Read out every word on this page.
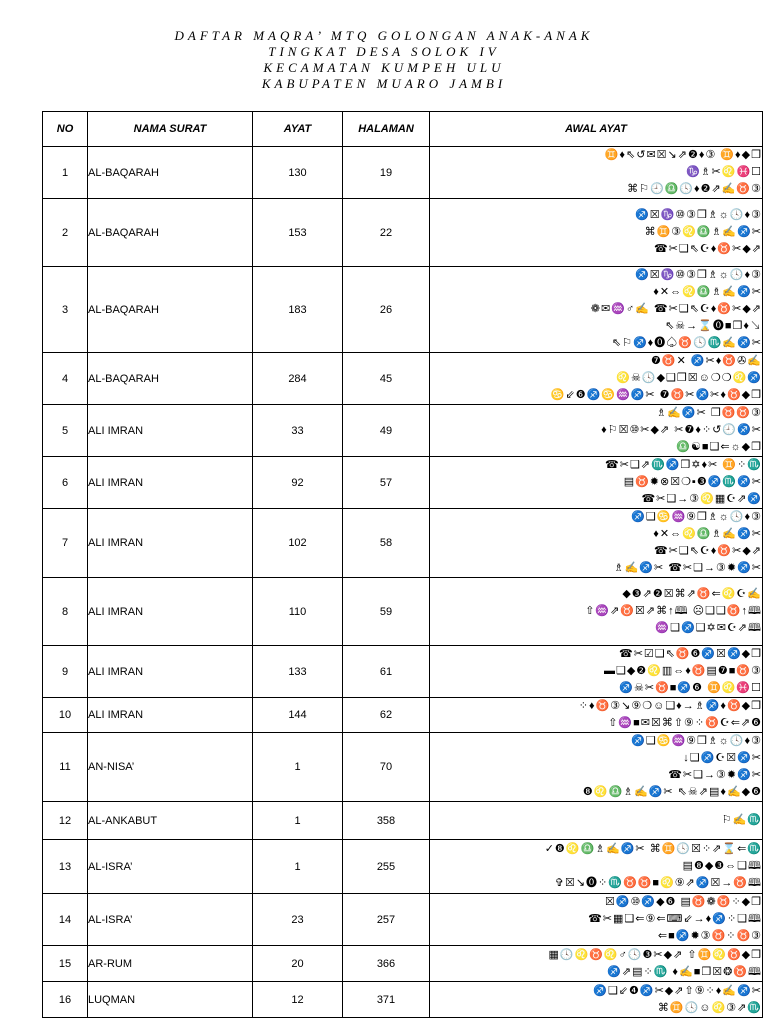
DAFTAR MAQRA’ MTQ GOLONGAN ANAK-ANAK
TINGKAT DESA SOLOK IV
KECAMATAN KUMPEH ULU
KABUPATEN MUARO JAMBI
NO	NAMA SURAT	AYAT	HALAMAN	AWAL AYAT
1	AL-BAQARAH	130	19	♊♦⇖↺✉☒↘⇗❷♦③ ♊♦◆❒
♑♗✂♌♓☐
⌘⚐🕘♎🕓♦❷⇗✍♉③

2	AL-BAQARAH	153	22	♐☒♑⑩③❒♗☼🕓♦③
⌘♊③♌♎♗✍♐✂
☎✂❑⇖☪♦♉✂◆⇗

3	AL-BAQARAH	183	26	♐☒♑⑩③❒♗☼🕓♦③
♦✕⇔♌♎♗✍♐✂
❁✉♒♂✍ ☎✂❑⇖☪♦♉✂◆⇗
⇖☠→⌛⓿■❒♦↘
⇖⚐♐♦⓿♤♉🕓♏✍♐✂

4	AL-BAQARAH	284	45	❼♉✕ ♐✂♦♉✇✍
♌☠🕓◆❑❒☒☺❍❍♌♐
♋⇙❻♐♋♒♐✂ ❼♉✂♐✂♦♉◆❒

5	ALI IMRAN	33	49	♗✍♐✂ ❒♉♉③
♦⚐☒⑩✂◆⇗ ✂❼♦⁘↺🕘♐✂
♎☯■❑⇐☼◆❒

6	ALI IMRAN	92	57	☎✂❑⇗♏♐❒✡♦✂ ♊⁘♏
▤♉✹⊗☒❍▪❸♐♏♐✂
☎✂❑→③♌▦☪⇗♐

7	ALI IMRAN	102	58	♐❑♋♒⑨❒♗☼🕓♦③
♦✕⇔♌♎♗✍♐✂
☎✂❑⇖☪♦♉✂◆⇗
♗✍♐✂ ☎✂❑→③✹♐✂

8	ALI IMRAN	110	59	◆❸⇗❷☒⌘⇗♉⇐♌☪✍
⇧♒⇗♉☒⇗⌘↑🕮 ☹❑❑♉↑🕮
♒❑♐❑✡✉☪⇗🕮

9	ALI IMRAN	133	61	☎✂☑❑⇖♉❻♐☒♐◆❒
▬❑◆❷♌▥⇔♦♉▤❼■♉③
♐☠✂♉■♐❻ ♊♌♓☐

10	ALI IMRAN	144	62	⁘♦♉③↘⑨❍☺❑♦→♗♐♦♉◆❒
⇧♒■✉☒⌘⇧⑨⁘♉☪⇐⇗❻

11	AN-NISA’	1	70	♐❑♋♒⑨❒♗☼🕓♦③
↓❑♐☪☒♐✂
☎✂❑→③✹♐✂
❽♌♎♗✍♐✂ ⇖☠⇗▤♦✍◆❻

12	AL-ANKABUT	1	358	⚐✍♏

13	AL-ISRA’	1	255	✓❽♌♎♗✍♐✂ ⌘♊🕓☒⁘⇗⌛⇐♏
▤❽◆❸⇔❑🕮
✞☒↘⓿⁘♏♉♉■♌⑨⇗♐☒→♉🕮

14	AL-ISRA’	23	257	☒♐⑩♐◆❻ ▤♉❁♉⁘◆❒
☎✂▦❑⇐⑨⇐⌨⇙→♦♐⁘❑🕮
⇐■♐✹③♉⁘♉③

15	AR-RUM	20	366	▦🕓♌♉♌♂🕓❸✂◆⇗ ⇧♊♌♉◆❒
♐⇗▤⁘♏ ♦✍■❒☒❂♉🕮

16	LUQMAN	12	371	♐❑⇙❹♐✂◆⇗⇧⑨⁘♦✍♐✂
⌘♊🕓☺♌③⇗♏
